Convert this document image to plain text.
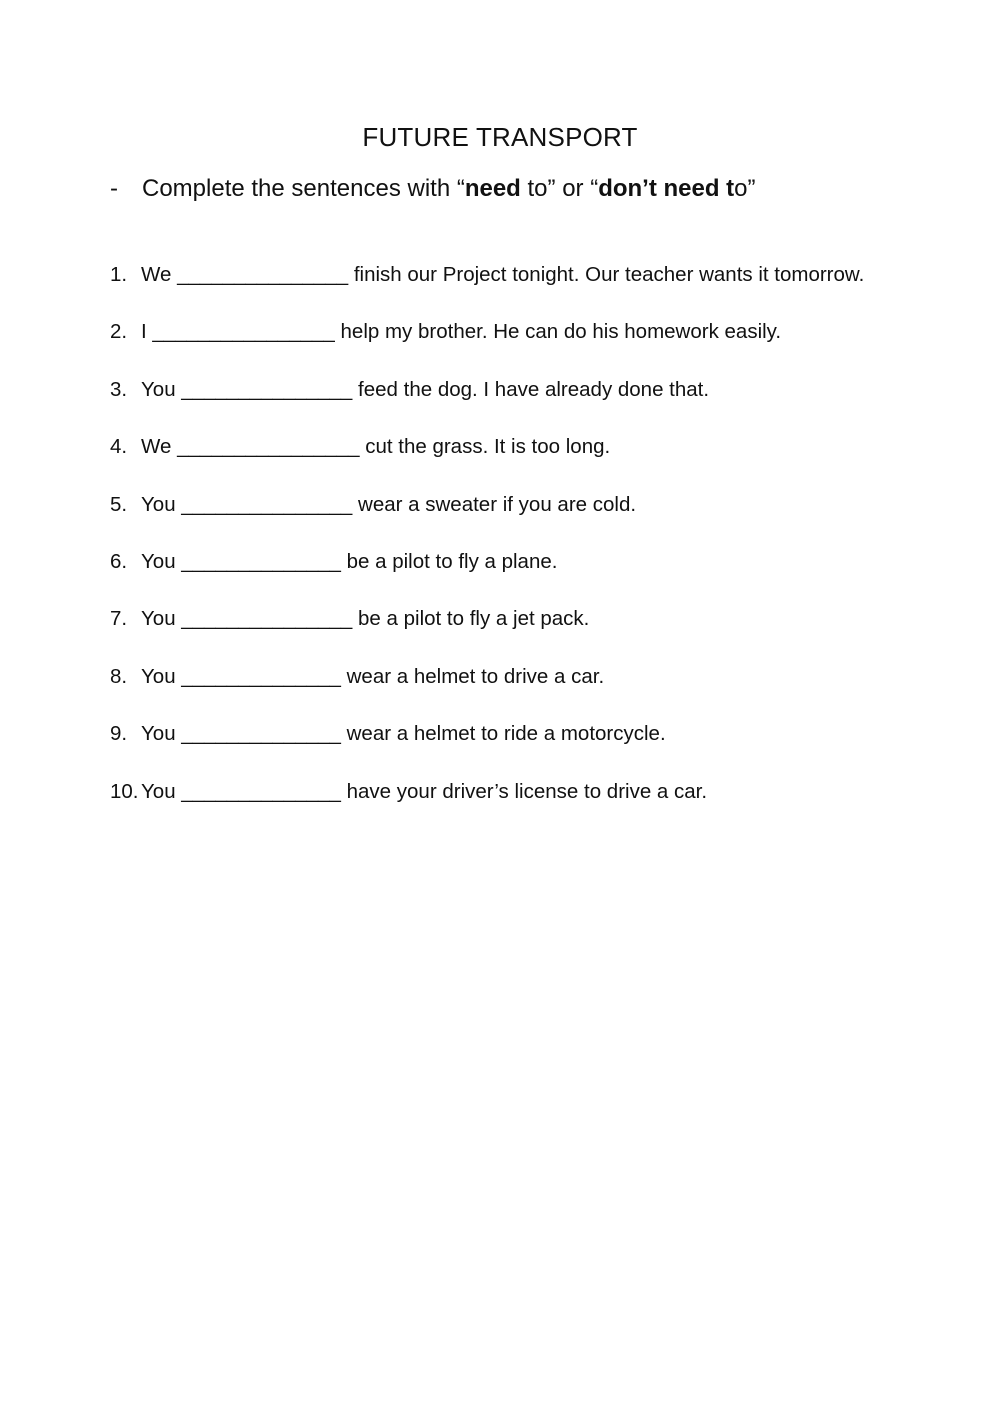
FUTURE TRANSPORT
- Complete the sentences with “need to” or “don’t need to”
1. We _______________ finish our Project tonight. Our teacher wants it tomorrow.
2. I ________________ help my brother. He can do his homework easily.
3. You _______________ feed the dog. I have already done that.
4. We ________________ cut the grass. It is too long.
5. You _______________ wear a sweater if you are cold.
6. You ______________ be a pilot to fly a plane.
7. You _______________ be a pilot to fly a jet pack.
8. You ______________ wear a helmet to drive a car.
9. You ______________ wear a helmet to ride a motorcycle.
10. You ______________ have your driver’s license to drive a car.
